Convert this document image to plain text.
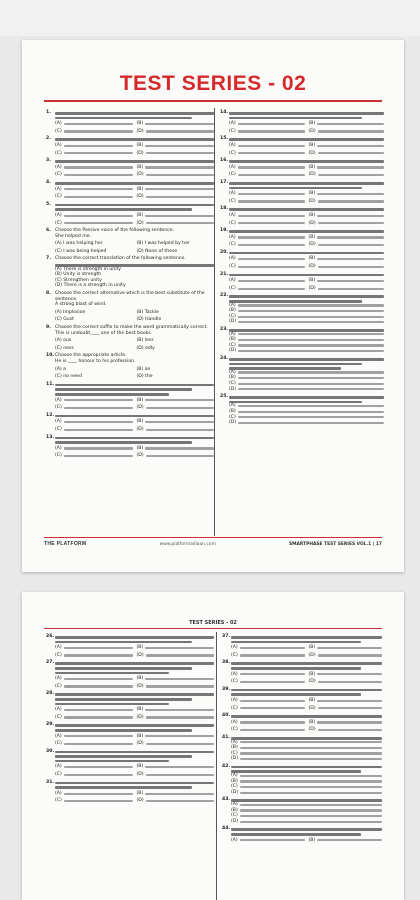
TEST SERIES - 02
1.
(A)	(B)
(C)	(D)
2.
(A)	(B)
(C)	(D)
3.
(A)	(B)
(C)	(D)
4.
(A)	(B)
(C)	(D)
5.
(A)	(B)
(C)	(D)
6. Choose the Passive voice of the following sentence.
She helped me.
(A) I was helping her	(B) I was helped by her
(C) I was being helped	(D) None of these
7. Choose the correct translation of the following sentence.
(A) There is strength in unity
(B) Unity is strength
(C) Strengthen unity
(D) There is a strength in unity
8. Choose the correct alternative which is the best substitute of the sentence.
A strong blast of wind.
(A) Implosion	(B) Tackle
(C) Gust	(D) Handle
9. Choose the correct suffix to make the word grammatically correct.
This is undoubt____ one of the best books.
(A) ous	(B) less
(C) ness	(D) edly
10. Choose the appropriate article.
He is ____ honour to his profession.
(A) a	(B) an
(C) no need	(D) the
11.
(A)	(B)
(C)	(D)
12.
(A)	(B)
(C)	(D)
13.
(A)	(B)
(C)	(D)
14.
(A)	(B)
(C)	(D)
15.
(A)	(B)
(C)	(D)
16.
(A)	(B)
(C)	(D)
17.
(A)	(B)
(C)	(D)
18.
(A)	(B)
(C)	(D)
19.
(A)	(B)
(C)	(D)
20.
(A)	(B)
(C)	(D)
21.
(A)	(B)
(C)	(D)
22.
(A)
(B)
(C)
(D)
23.
(A)
(B)
(C)
(D)
24.
(A)
(B)
(C)
(D)
25.
(A)
(B)
(C)
(D)
THE PLATFORM	www.platformadiaan.com	SMARTPHASE TEST SERIES VOL.1 | 17
TEST SERIES - 02
26.
(A)	(B)
(C)	(D)
27.
(A)	(B)
(C)	(D)
28.
(A)	(B)
(C)	(D)
29.
(A)	(B)
(C)	(D)
30.
(A)	(B)
(C)	(D)
31.
(A)	(B)
(C)	(D)
37.
(A)	(B)
(C)	(D)
38.
(A)	(B)
(C)	(D)
39.
(A)	(B)
(C)	(D)
40.
(A)	(B)
(C)	(D)
41.
(A)
(B)
(C)
(D)
42.
(A)
(B)
(C)
(D)
43.
(A)
(B)
(C)
(D)
44.
(A)	(B)
